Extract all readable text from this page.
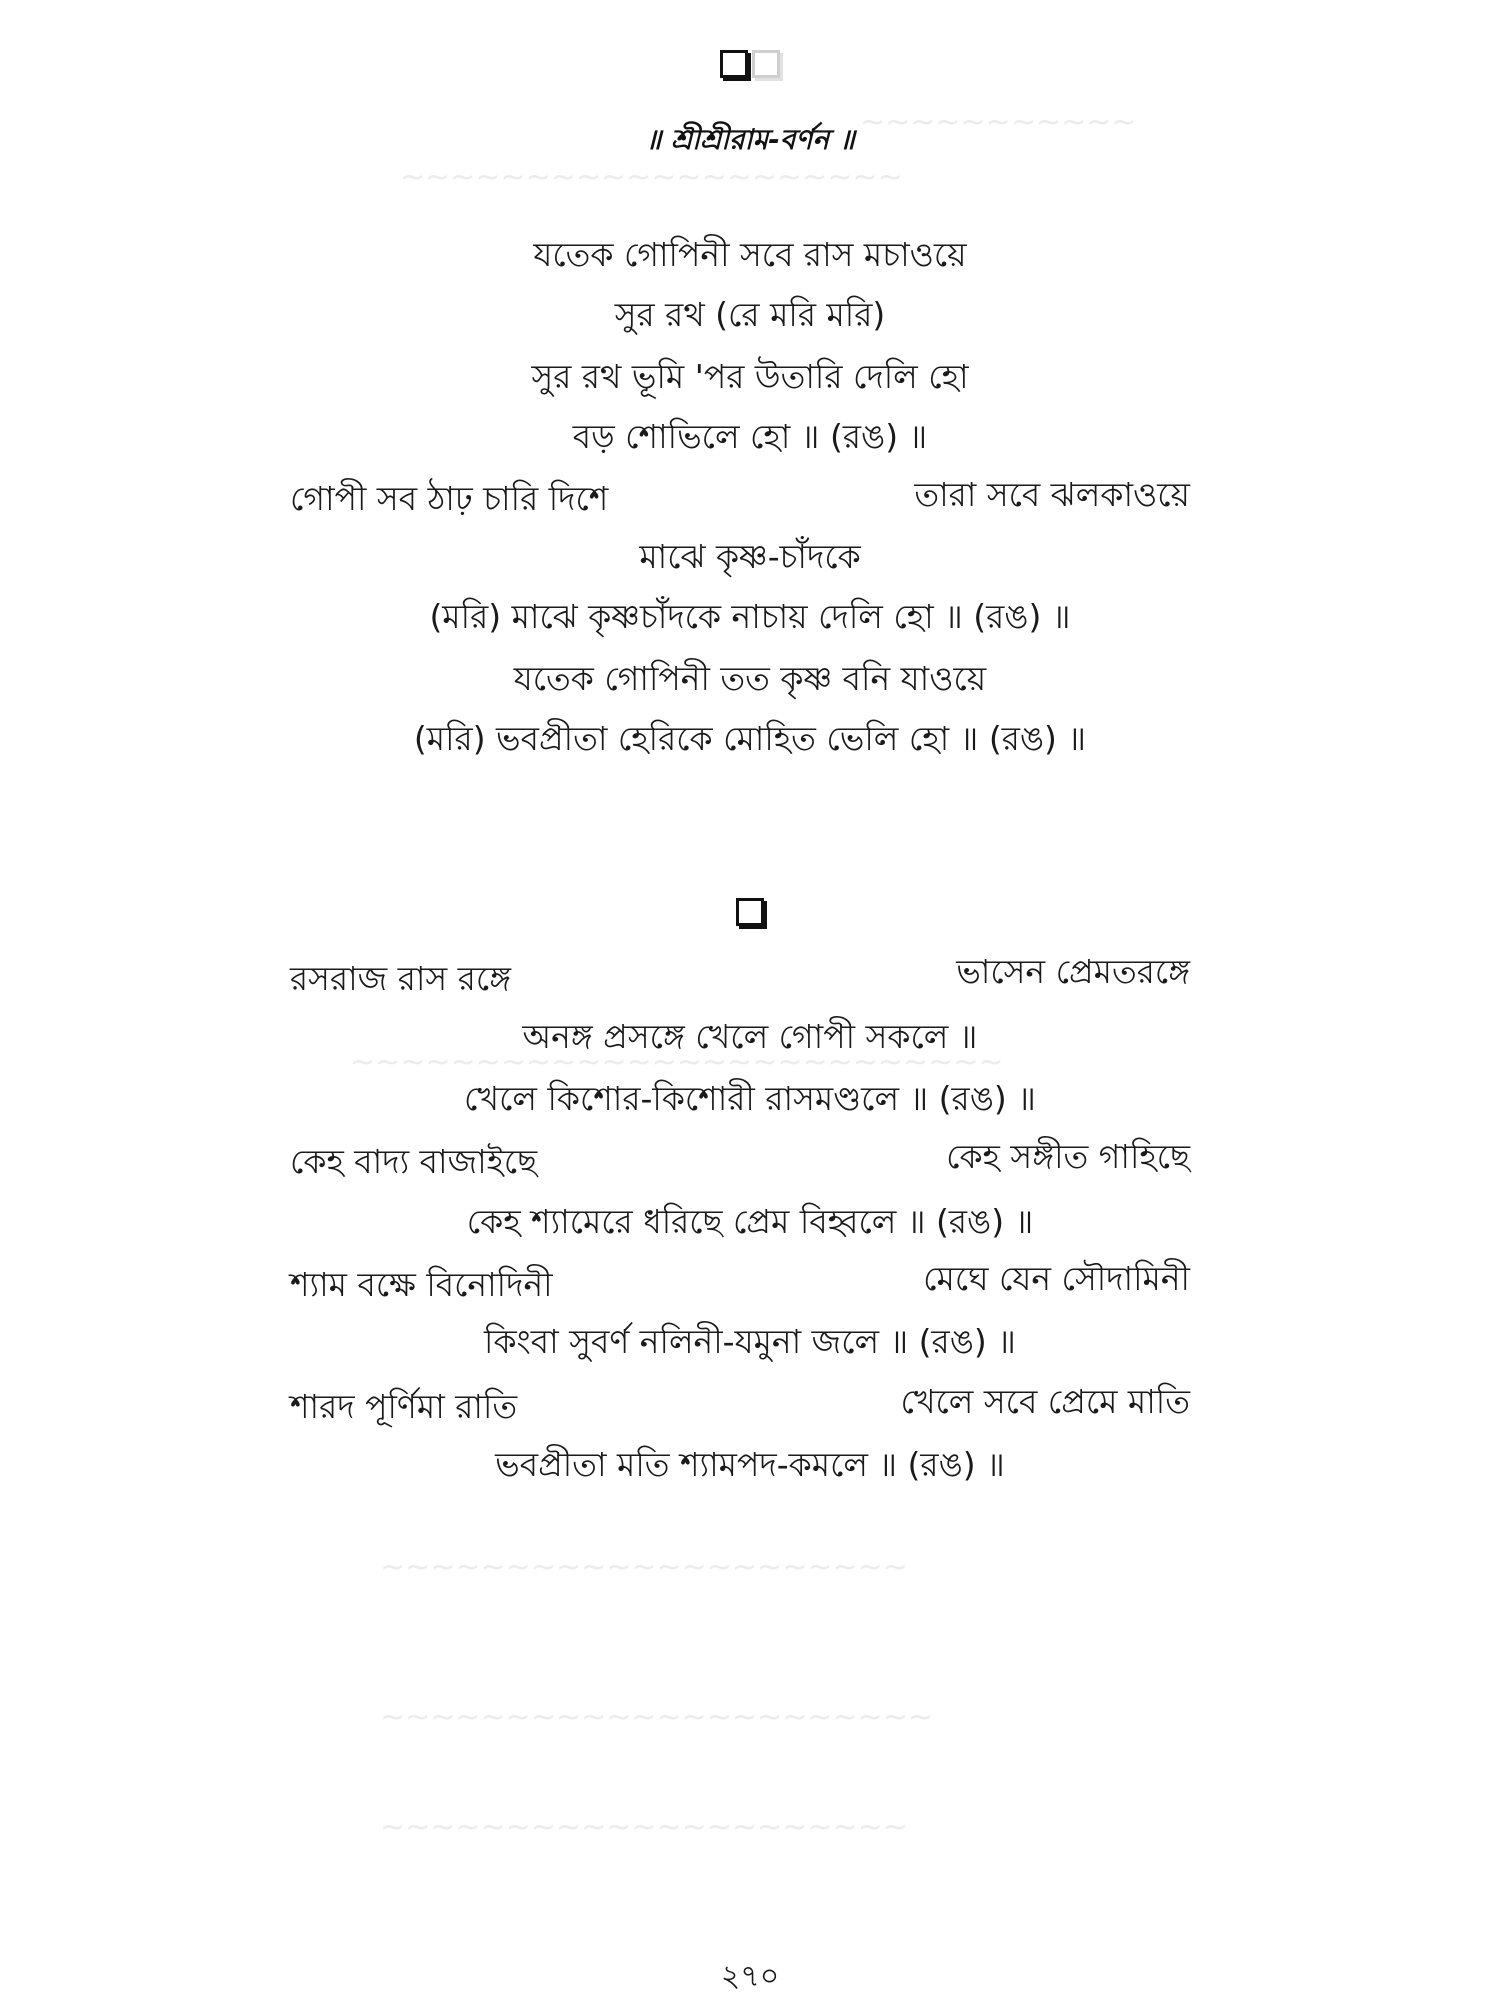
~~~~~~~~~~~
~~~~~~~~~~~~~~~~~~~~
~~~~~~~~~~~~~~~~~~~~~~~~~~
~~~~~~~~~~~~~~~~~~~~~
~~~~~~~~~~~~~~~~~~~~~~
~~~~~~~~~~~~~~~~~~~~~
॥ শ্রীশ্রীরাম-বর্ণন ॥
যতেক গোপিনী সবে রাস মচাওয়ে
সুর রথ (রে মরি মরি)
সুর রথ ভূমি 'পর উতারি দেলি হো
বড় শোভিলে হো ॥ (রঙ) ॥
গোপী সব ঠাঢ় চারি দিশে	তারা সবে ঝলকাওয়ে
মাঝে কৃষ্ণ-চাঁদকে
(মরি) মাঝে কৃষ্ণচাঁদকে নাচায় দেলি হো ॥ (রঙ) ॥
যতেক গোপিনী তত কৃষ্ণ বনি যাওয়ে
(মরি) ভবপ্রীতা হেরিকে মোহিত ভেলি হো ॥ (রঙ) ॥
রসরাজ রাস রঙ্গে	ভাসেন প্রেমতরঙ্গে
অনঙ্গ প্রসঙ্গে খেলে গোপী সকলে ॥
খেলে কিশোর-কিশোরী রাসমণ্ডলে ॥ (রঙ) ॥
কেহ বাদ্য বাজাইছে	কেহ সঙ্গীত গাহিছে
কেহ শ্যামেরে ধরিছে প্রেম বিহ্বলে ॥ (রঙ) ॥
শ্যাম বক্ষে বিনোদিনী	মেঘে যেন সৌদামিনী
কিংবা সুবর্ণ নলিনী-যমুনা জলে ॥ (রঙ) ॥
শারদ পূর্ণিমা রাতি	খেলে সবে প্রেমে মাতি
ভবপ্রীতা মতি শ্যামপদ-কমলে ॥ (রঙ) ॥
২৭০
